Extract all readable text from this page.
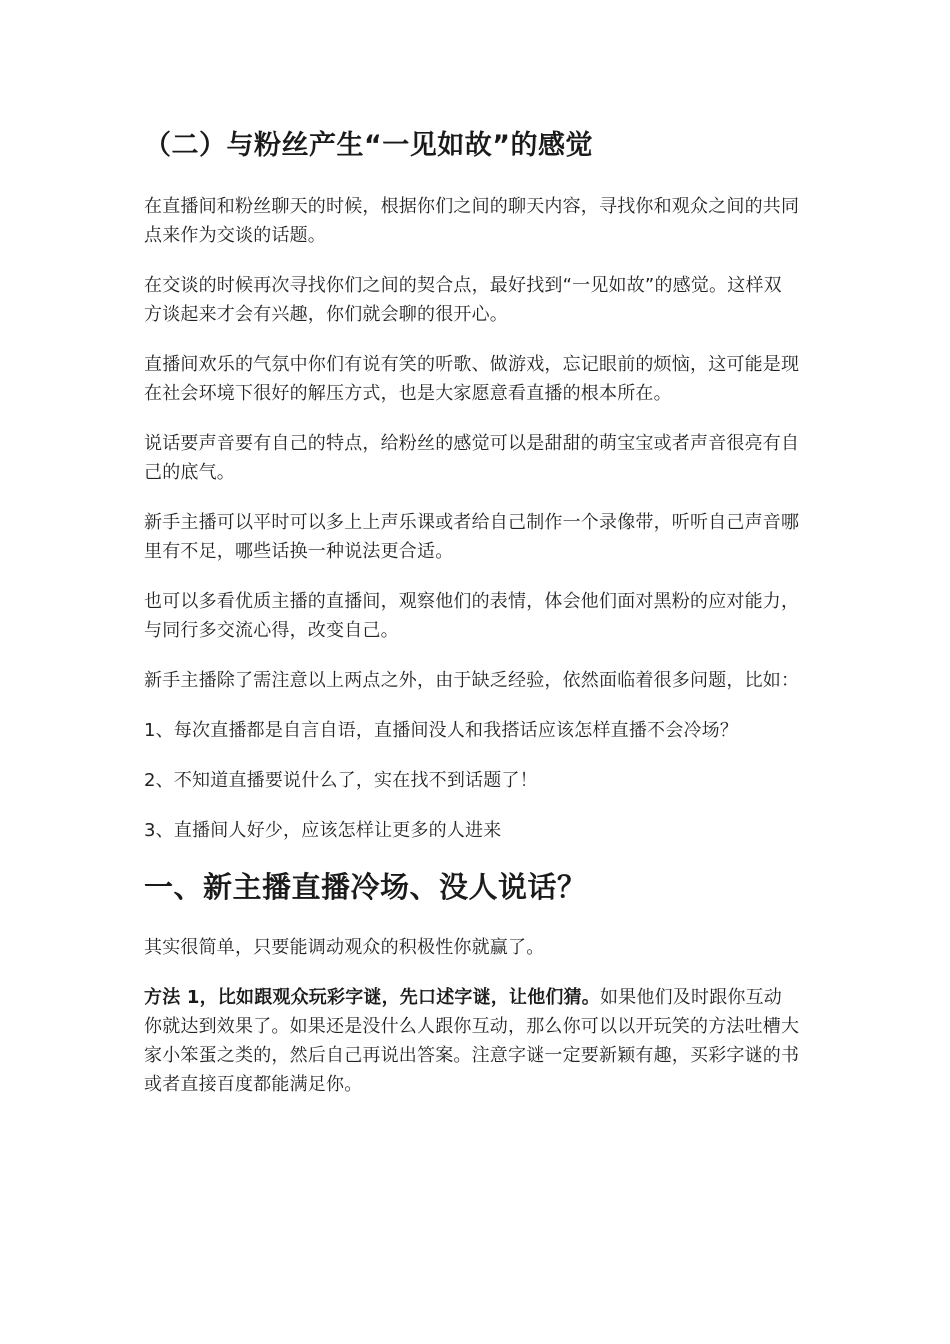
（二）与粉丝产生“一见如故”的感觉

在直播间和粉丝聊天的时候，根据你们之间的聊天内容，寻找你和观众之间的共同点来作为交谈的话题。

在交谈的时候再次寻找你们之间的契合点，最好找到“一见如故”的感觉。这样双方谈起来才会有兴趣，你们就会聊的很开心。

直播间欢乐的气氛中你们有说有笑的听歌、做游戏，忘记眼前的烦恼，这可能是现在社会环境下很好的解压方式，也是大家愿意看直播的根本所在。

说话要声音要有自己的特点，给粉丝的感觉可以是甜甜的萌宝宝或者声音很亮有自己的底气。

新手主播可以平时可以多上上声乐课或者给自己制作一个录像带，听听自己声音哪里有不足，哪些话换一种说法更合适。

也可以多看优质主播的直播间，观察他们的表情，体会他们面对黑粉的应对能力，与同行多交流心得，改变自己。

新手主播除了需注意以上两点之外，由于缺乏经验，依然面临着很多问题，比如：

1、每次直播都是自言自语，直播间没人和我搭话应该怎样直播不会冷场？

2、不知道直播要说什么了，实在找不到话题了！

3、直播间人好少，应该怎样让更多的人进来

一、新主播直播冷场、没人说话？

其实很简单，只要能调动观众的积极性你就赢了。

方法 1，比如跟观众玩彩字谜，先口述字谜，让他们猜。如果他们及时跟你互动你就达到效果了。如果还是没什么人跟你互动，那么你可以以开玩笑的方法吐槽大家小笨蛋之类的，然后自己再说出答案。注意字谜一定要新颖有趣，买彩字谜的书或者直接百度都能满足你。
